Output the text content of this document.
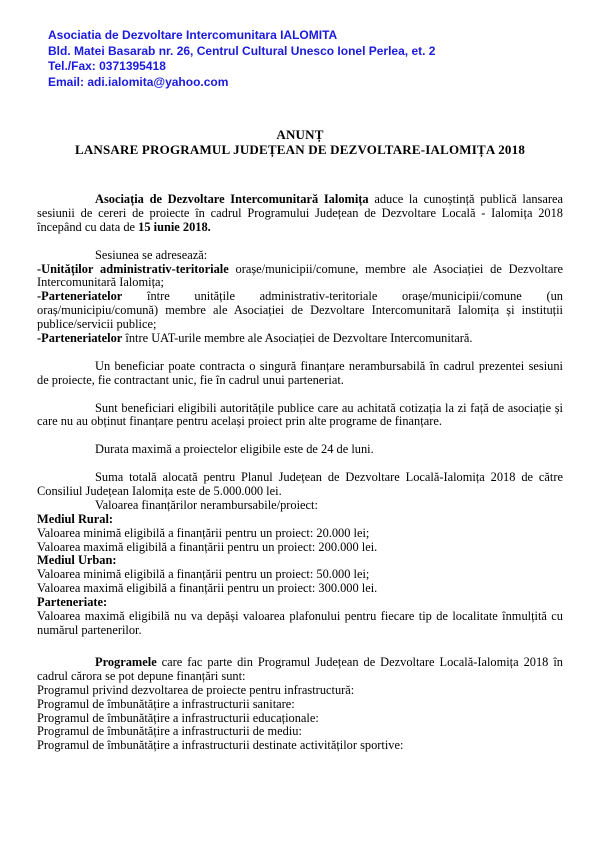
Asociatia de Dezvoltare Intercomunitara IALOMITA
Bld. Matei Basarab nr. 26, Centrul Cultural Unesco Ionel Perlea, et. 2
Tel./Fax: 0371395418
Email: adi.ialomita@yahoo.com
ANUNȚ
LANSARE PROGRAMUL JUDEȚEAN DE DEZVOLTARE-IALOMIȚA 2018

Asociația de Dezvoltare Intercomunitară Ialomița aduce la cunoștință publică lansarea sesiunii de cereri de proiecte în cadrul Programului Județean de Dezvoltare Locală - Ialomița 2018 începând cu data de 15 iunie 2018.

Sesiunea se adresează:

-Unităților administrativ-teritoriale orașe/municipii/comune, membre ale Asociației de Dezvoltare Intercomunitară Ialomița;

-Parteneriatelor între unitățile administrativ-teritoriale orașe/municipii/comune (un oraș/municipiu/comună) membre ale Asociației de Dezvoltare Intercomunitară Ialomița și instituții publice/servicii publice;

-Parteneriatelor între UAT-urile membre ale Asociației de Dezvoltare Intercomunitară.

Un beneficiar poate contracta o singură finanțare nerambursabilă în cadrul prezentei sesiuni de proiecte, fie contractant unic, fie în cadrul unui parteneriat.

Sunt beneficiari eligibili autoritățile publice care au achitată cotizația la zi față de asociație și care nu au obținut finanțare pentru același proiect prin alte programe de finanțare.

Durata maximă a proiectelor eligibile este de 24 de luni.

Suma totală alocată pentru Planul Județean de Dezvoltare Locală-Ialomița 2018 de către Consiliul Județean Ialomița este de 5.000.000 lei.

Valoarea finanțărilor nerambursabile/proiect:

Mediul Rural:

Valoarea minimă eligibilă a finanțării pentru un proiect: 20.000 lei;

Valoarea maximă eligibilă a finanțării pentru un proiect: 200.000 lei.

Mediul Urban:

Valoarea minimă eligibilă a finanțării pentru un proiect: 50.000 lei;

Valoarea maximă eligibilă a finanțării pentru un proiect: 300.000 lei.

Parteneriate:

Valoarea maximă eligibilă nu va depăși valoarea plafonului pentru fiecare tip de localitate înmulțită cu numărul partenerilor.

Programele care fac parte din Programul Județean de Dezvoltare Locală-Ialomița 2018 în cadrul cărora se pot depune finanțări sunt:

Programul privind dezvoltarea de proiecte pentru infrastructură:

Programul de îmbunătățire a infrastructurii sanitare:

Programul de îmbunătățire a infrastructurii educaționale:

Programul de îmbunătățire a infrastructurii de mediu:

Programul de îmbunătățire a infrastructurii destinate activităților sportive:
